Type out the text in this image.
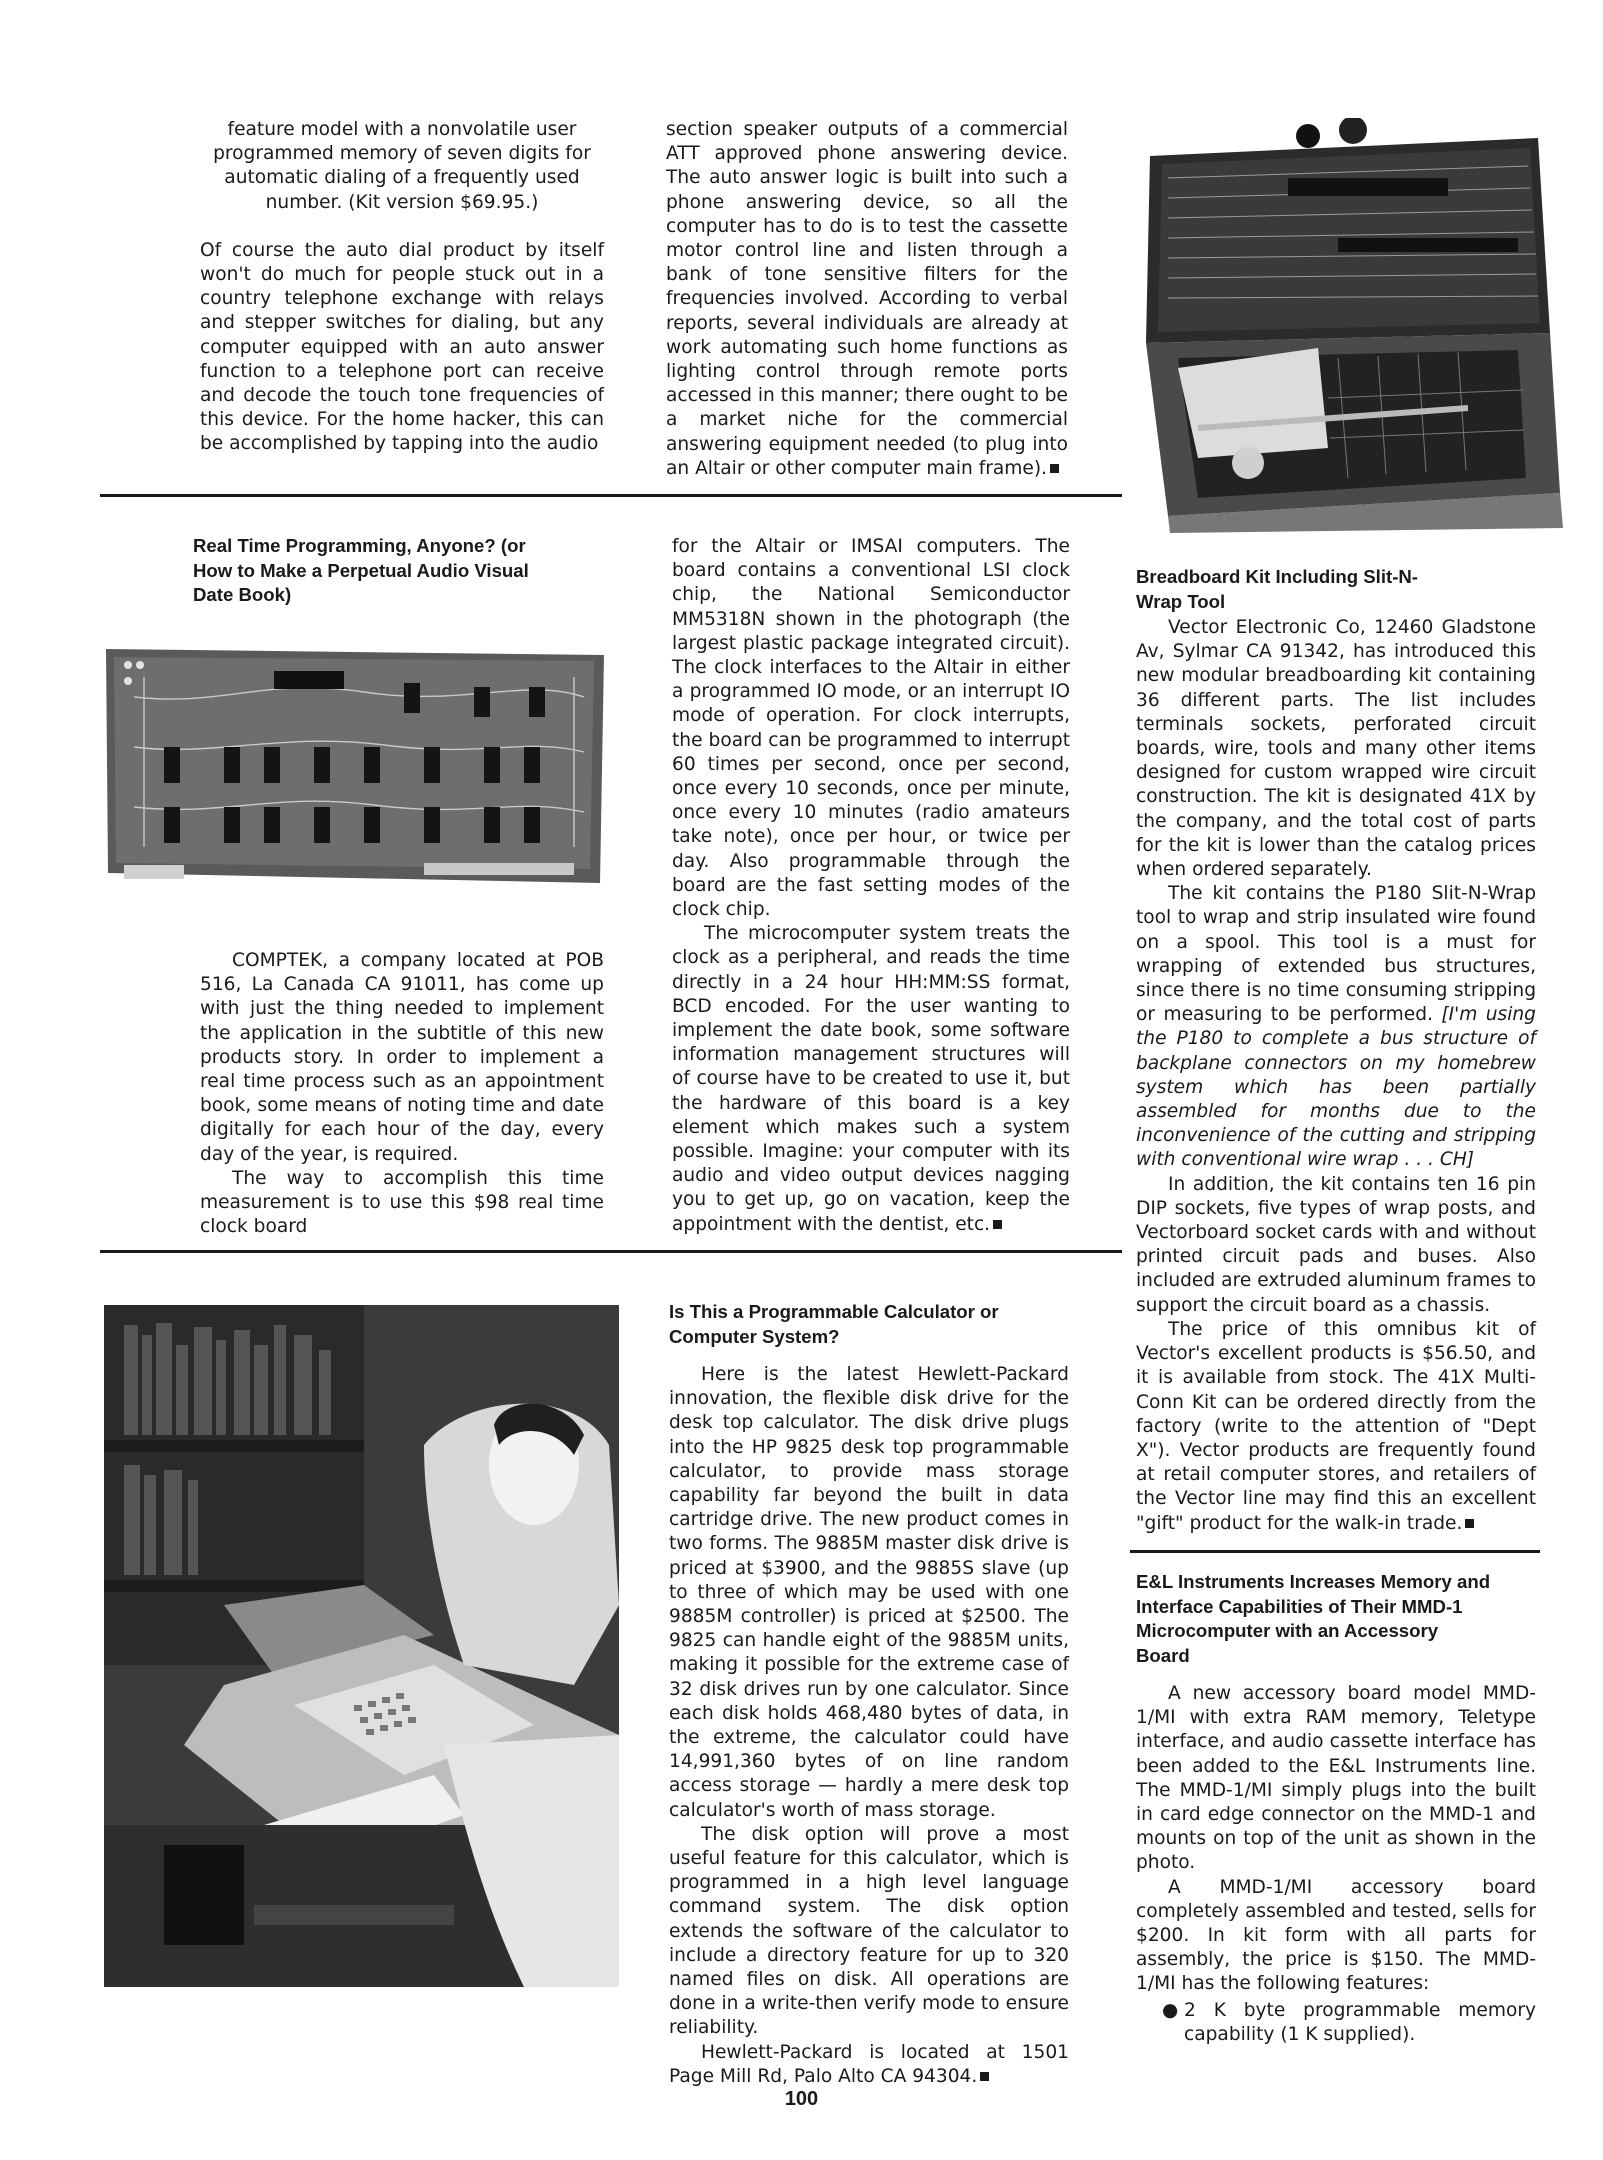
feature model with a nonvolatile user programmed memory of seven digits for automatic dialing of a frequently used number. (Kit version $69.95.)

Of course the auto dial product by itself won't do much for people stuck out in a country telephone exchange with relays and stepper switches for dialing, but any computer equipped with an auto answer function to a telephone port can receive and decode the touch tone frequencies of this device. For the home hacker, this can be accomplished by tapping into the audio

section speaker outputs of a commercial ATT approved phone answering device. The auto answer logic is built into such a phone answering device, so all the computer has to do is to test the cassette motor control line and listen through a bank of tone sensitive filters for the frequencies involved. According to verbal reports, several individuals are already at work automating such home functions as lighting control through remote ports accessed in this manner; there ought to be a market niche for the commercial answering equipment needed (to plug into an Altair or other computer main frame).

Real Time Programming, Anyone? (or How to Make a Perpetual Audio Visual Date Book)

COMPTEK, a company located at POB 516, La Canada CA 91011, has come up with just the thing needed to implement the application in the subtitle of this new products story. In order to implement a real time process such as an appointment book, some means of noting time and date digitally for each hour of the day, every day of the year, is required.

The way to accomplish this time measurement is to use this $98 real time clock board

for the Altair or IMSAI computers. The board contains a conventional LSI clock chip, the National Semiconductor MM5318N shown in the photograph (the largest plastic package integrated circuit). The clock interfaces to the Altair in either a programmed IO mode, or an interrupt IO mode of operation. For clock interrupts, the board can be programmed to interrupt 60 times per second, once per second, once every 10 seconds, once per minute, once every 10 minutes (radio amateurs take note), once per hour, or twice per day. Also programmable through the board are the fast setting modes of the clock chip.

The microcomputer system treats the clock as a peripheral, and reads the time directly in a 24 hour HH:MM:SS format, BCD encoded. For the user wanting to implement the date book, some software information management structures will of course have to be created to use it, but the hardware of this board is a key element which makes such a system possible. Imagine: your computer with its audio and video output devices nagging you to get up, go on vacation, keep the appointment with the dentist, etc.

Is This a Programmable Calculator or Computer System?

Here is the latest Hewlett-Packard innovation, the flexible disk drive for the desk top calculator. The disk drive plugs into the HP 9825 desk top programmable calculator, to provide mass storage capability far beyond the built in data cartridge drive. The new product comes in two forms. The 9885M master disk drive is priced at $3900, and the 9885S slave (up to three of which may be used with one 9885M controller) is priced at $2500. The 9825 can handle eight of the 9885M units, making it possible for the extreme case of 32 disk drives run by one calculator. Since each disk holds 468,480 bytes of data, in the extreme, the calculator could have 14,991,360 bytes of on line random access storage — hardly a mere desk top calculator's worth of mass storage.

The disk option will prove a most useful feature for this calculator, which is programmed in a high level language command system. The disk option extends the software of the calculator to include a directory feature for up to 320 named files on disk. All operations are done in a write-then verify mode to ensure reliability.

Hewlett-Packard is located at 1501 Page Mill Rd, Palo Alto CA 94304.

Breadboard Kit Including Slit-N-Wrap Tool

Vector Electronic Co, 12460 Gladstone Av, Sylmar CA 91342, has introduced this new modular breadboarding kit containing 36 different parts. The list includes terminals sockets, perforated circuit boards, wire, tools and many other items designed for custom wrapped wire circuit construction. The kit is designated 41X by the company, and the total cost of parts for the kit is lower than the catalog prices when ordered separately.

The kit contains the P180 Slit-N-Wrap tool to wrap and strip insulated wire found on a spool. This tool is a must for wrapping of extended bus structures, since there is no time consuming stripping or measuring to be performed. [I'm using the P180 to complete a bus structure of backplane connectors on my homebrew system which has been partially assembled for months due to the inconvenience of the cutting and stripping with conventional wire wrap . . . CH]

In addition, the kit contains ten 16 pin DIP sockets, five types of wrap posts, and Vectorboard socket cards with and without printed circuit pads and buses. Also included are extruded aluminum frames to support the circuit board as a chassis.

The price of this omnibus kit of Vector's excellent products is $56.50, and it is available from stock. The 41X Multi-Conn Kit can be ordered directly from the factory (write to the attention of "Dept X"). Vector products are frequently found at retail computer stores, and retailers of the Vector line may find this an excellent "gift" product for the walk-in trade.

E&L Instruments Increases Memory and Interface Capabilities of Their MMD-1 Microcomputer with an Accessory Board

A new accessory board model MMD-1/MI with extra RAM memory, Teletype interface, and audio cassette interface has been added to the E&L Instruments line. The MMD-1/MI simply plugs into the built in card edge connector on the MMD-1 and mounts on top of the unit as shown in the photo.

A MMD-1/MI accessory board completely assembled and tested, sells for $200. In kit form with all parts for assembly, the price is $150. The MMD-1/MI has the following features:

● 2 K byte programmable memory capability (1 K supplied).
100
